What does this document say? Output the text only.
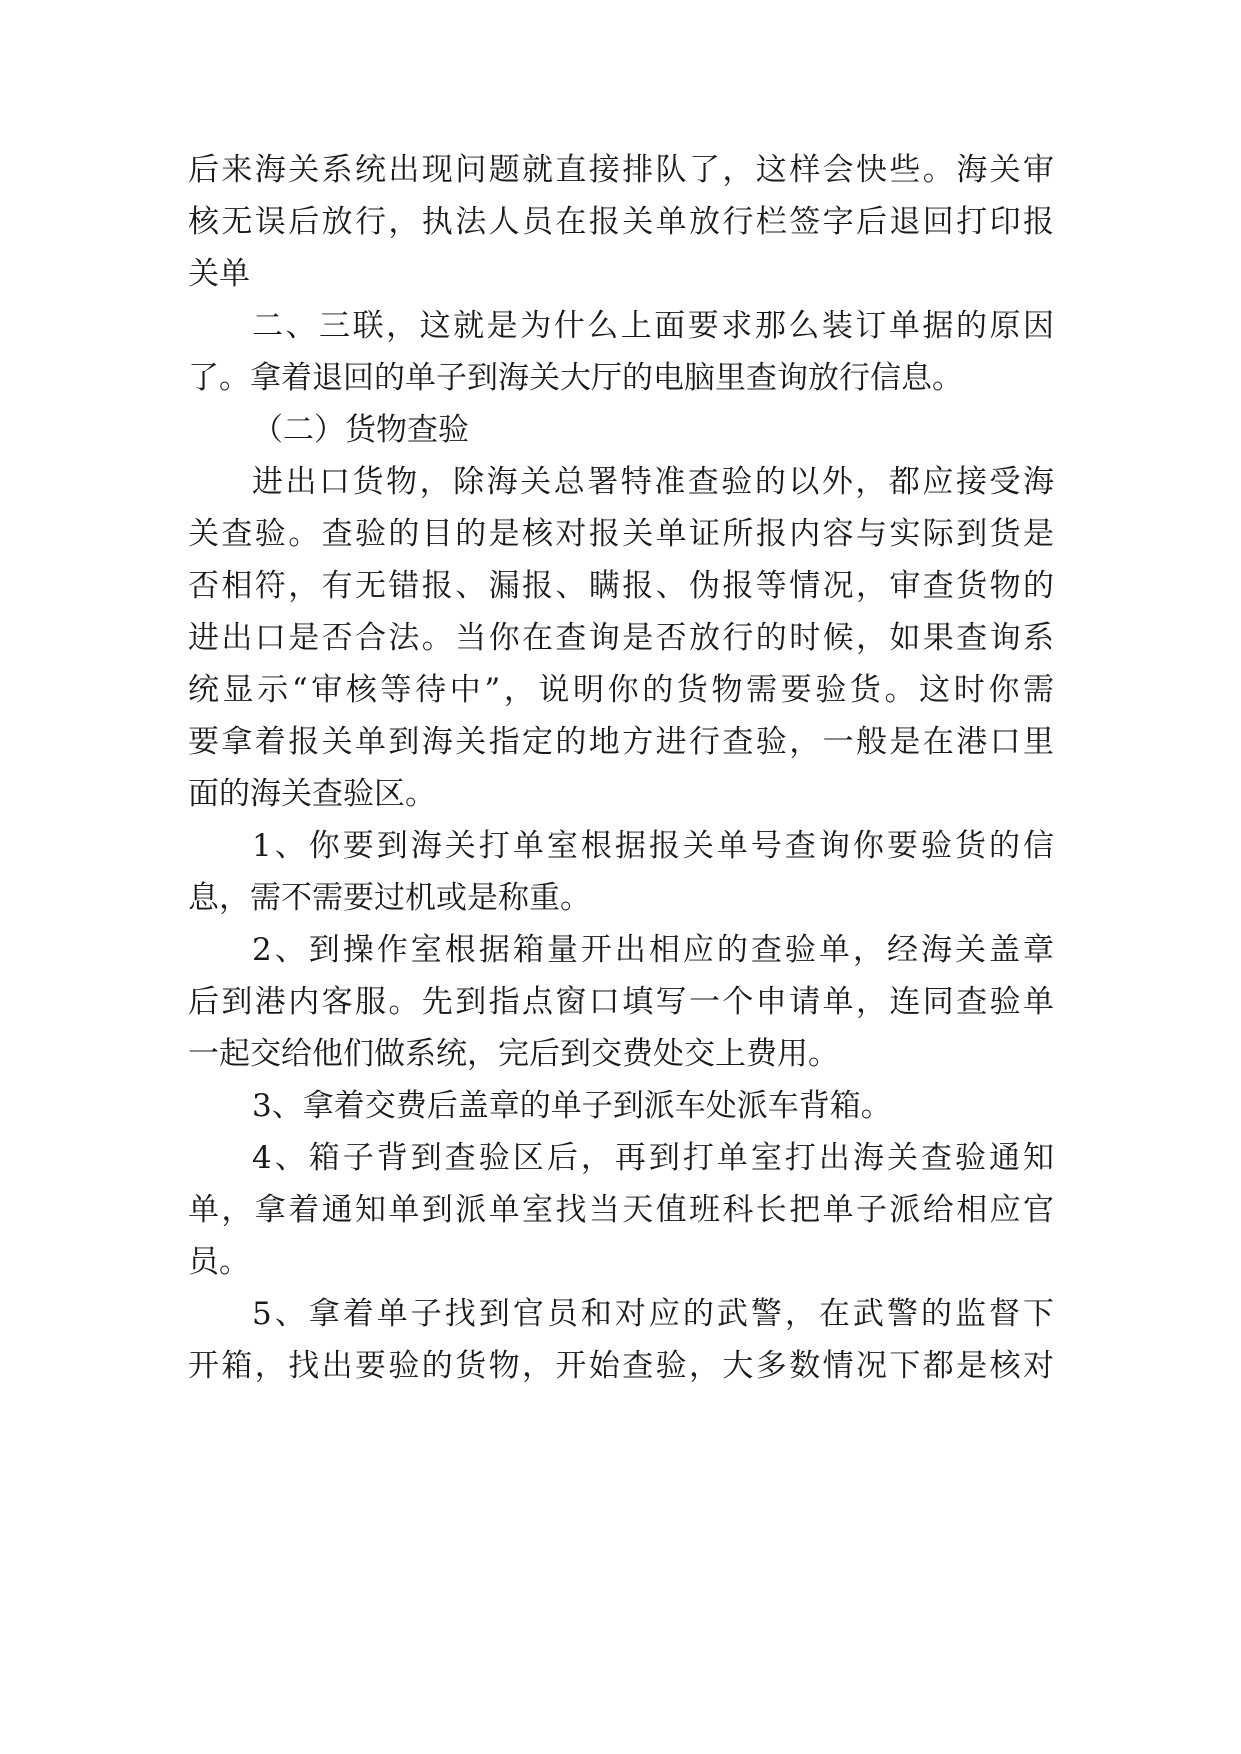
后来海关系统出现问题就直接排队了，这样会快些。海关审
核无误后放行，执法人员在报关单放行栏签字后退回打印报
关单
二、三联，这就是为什么上面要求那么装订单据的原因
了。拿着退回的单子到海关大厅的电脑里查询放行信息。
（二）货物查验
进出口货物，除海关总署特准查验的以外，都应接受海
关查验。查验的目的是核对报关单证所报内容与实际到货是
否相符，有无错报、漏报、瞒报、伪报等情况，审查货物的
进出口是否合法。当你在查询是否放行的时候，如果查询系
统显示“审核等待中”，说明你的货物需要验货。这时你需
要拿着报关单到海关指定的地方进行查验，一般是在港口里
面的海关查验区。
1、你要到海关打单室根据报关单号查询你要验货的信
息，需不需要过机或是称重。
2、到操作室根据箱量开出相应的查验单，经海关盖章
后到港内客服。先到指点窗口填写一个申请单，连同查验单
一起交给他们做系统，完后到交费处交上费用。
3、拿着交费后盖章的单子到派车处派车背箱。
4、箱子背到查验区后，再到打单室打出海关查验通知
单，拿着通知单到派单室找当天值班科长把单子派给相应官
员。
5、拿着单子找到官员和对应的武警，在武警的监督下
开箱，找出要验的货物，开始查验，大多数情况下都是核对
